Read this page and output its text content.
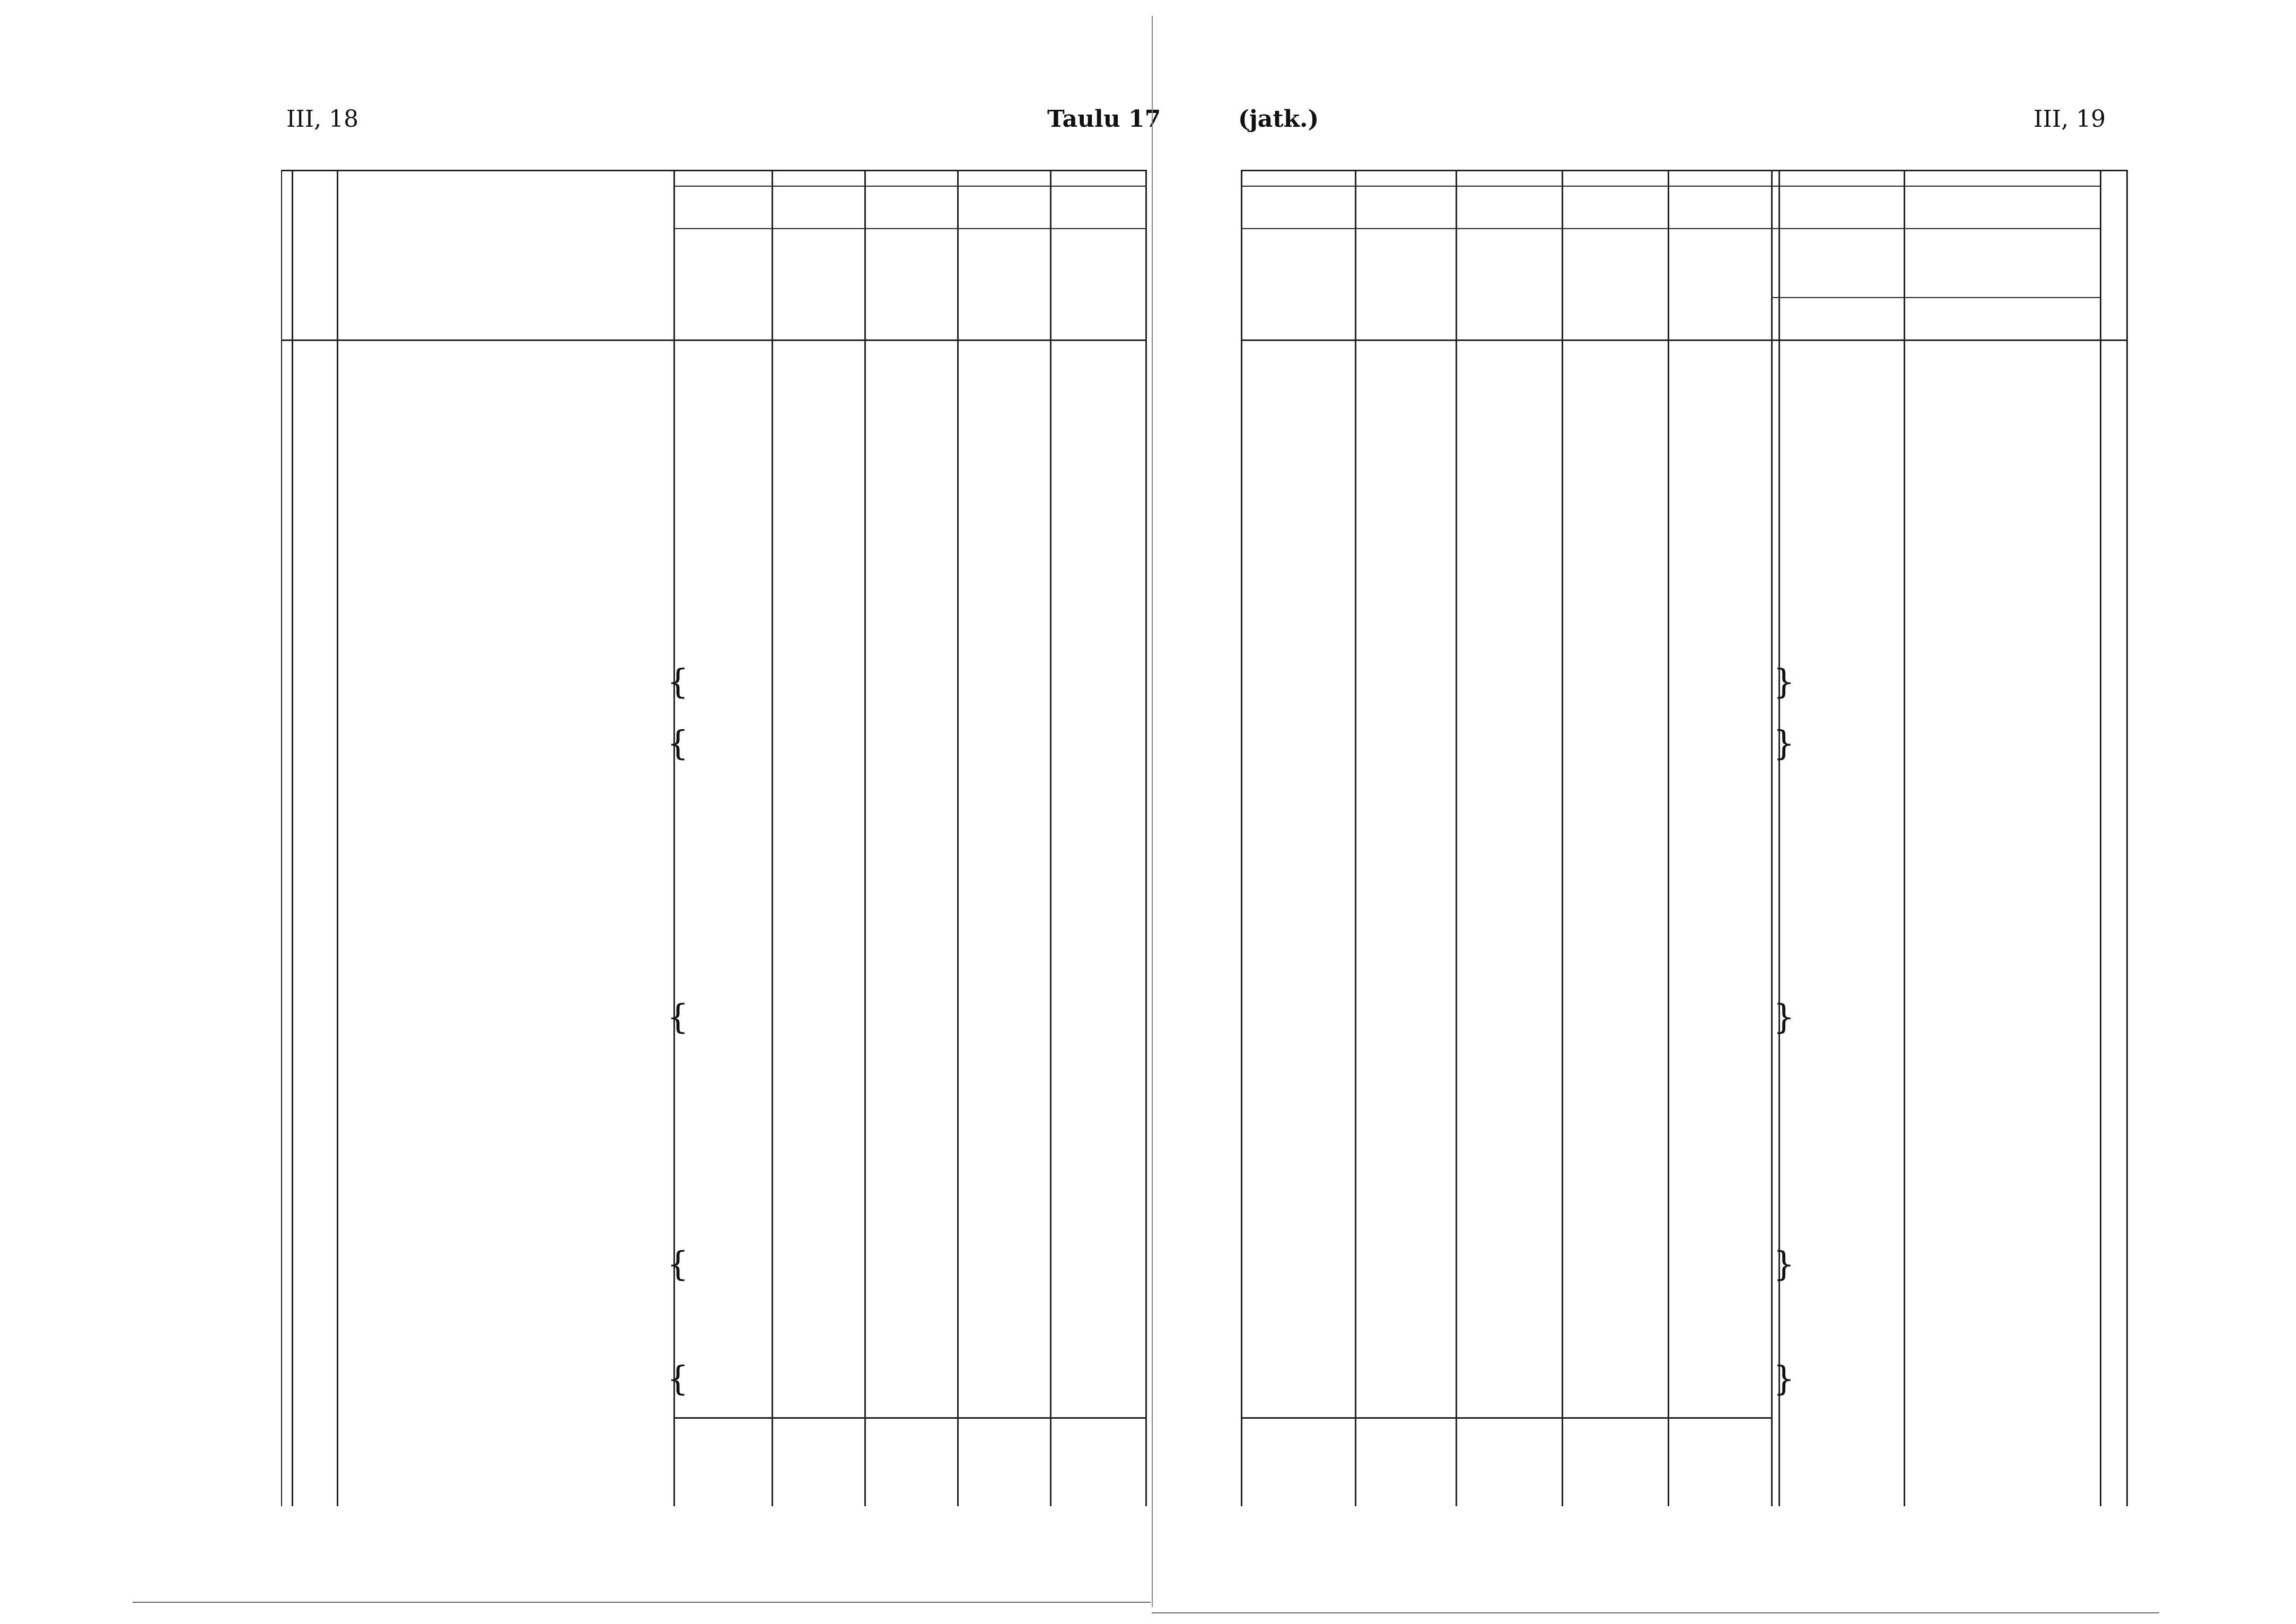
III, 18	Taulu 17	(jatk.)	III, 19
{	}
{	}
{	}
{	}
{	}
